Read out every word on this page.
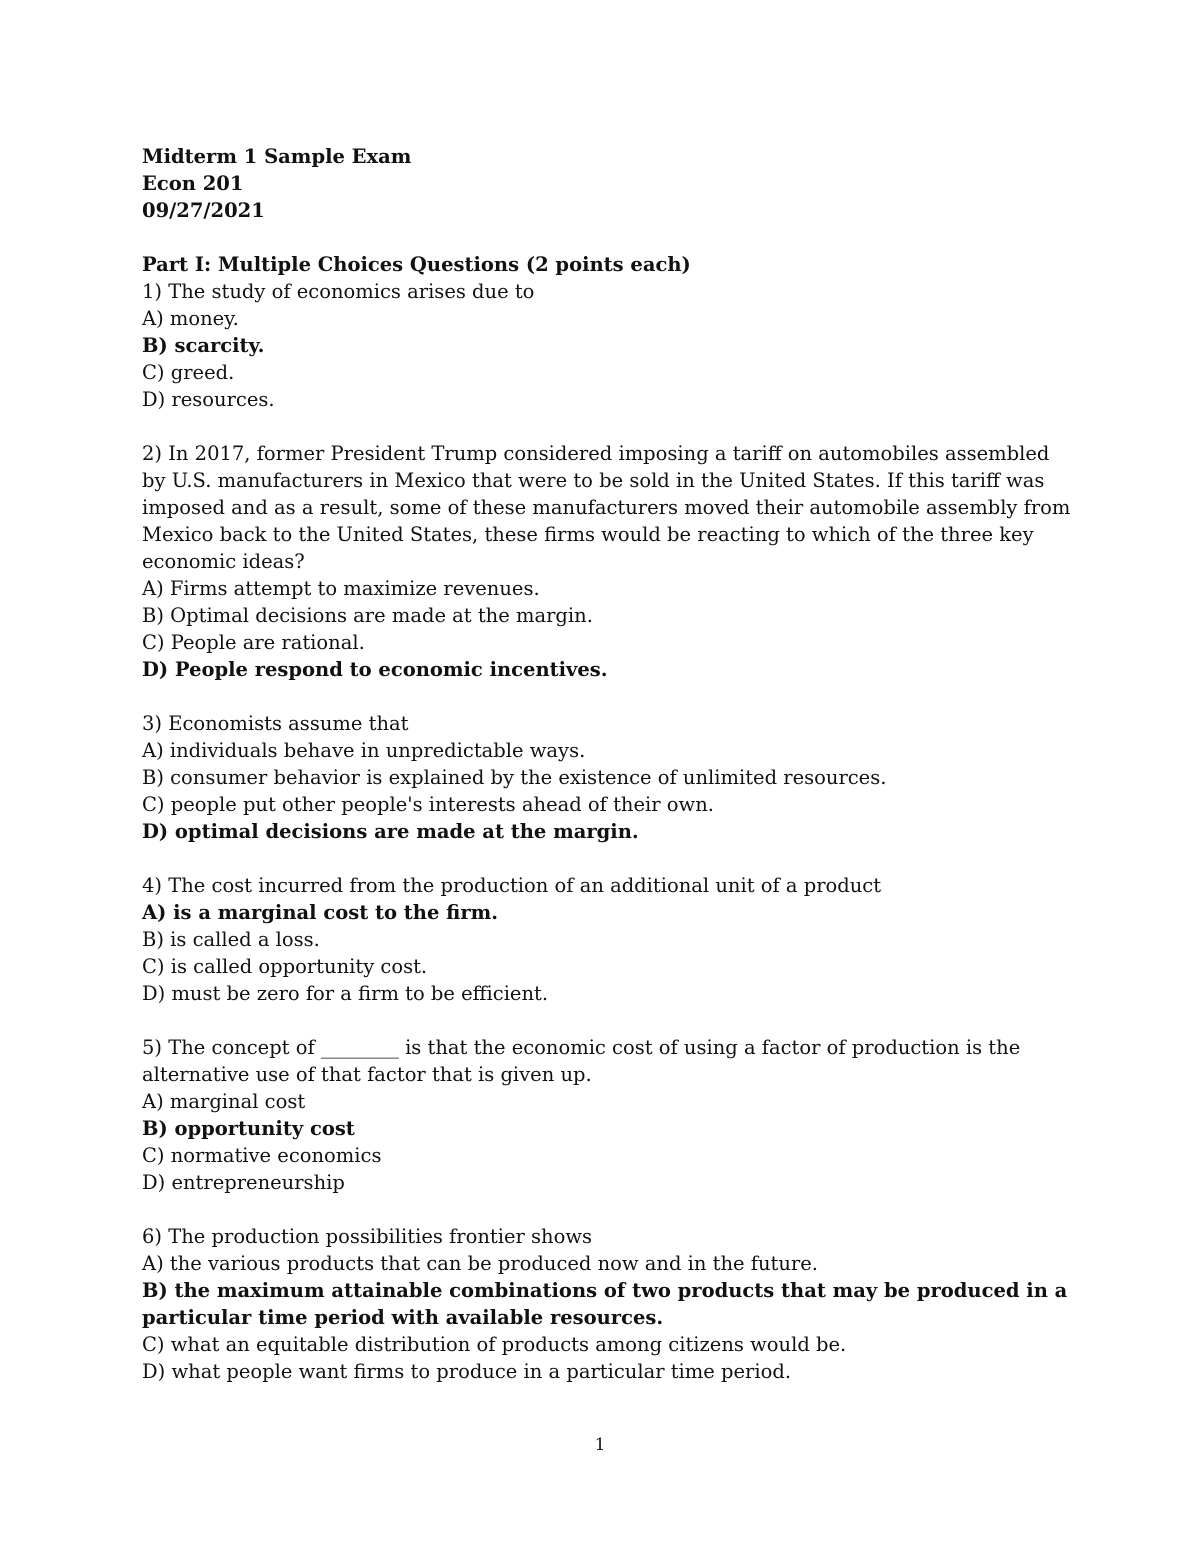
Midterm 1 Sample Exam
Econ 201
09/27/2021
Part I: Multiple Choices Questions (2 points each)
1) The study of economics arises due to
A) money.
B) scarcity.
C) greed.
D) resources.
2) In 2017, former President Trump considered imposing a tariff on automobiles assembled by U.S. manufacturers in Mexico that were to be sold in the United States. If this tariff was imposed and as a result, some of these manufacturers moved their automobile assembly from Mexico back to the United States, these firms would be reacting to which of the three key economic ideas?
A) Firms attempt to maximize revenues.
B) Optimal decisions are made at the margin.
C) People are rational.
D) People respond to economic incentives.
3) Economists assume that
A) individuals behave in unpredictable ways.
B) consumer behavior is explained by the existence of unlimited resources.
C) people put other people's interests ahead of their own.
D) optimal decisions are made at the margin.
4) The cost incurred from the production of an additional unit of a product
A) is a marginal cost to the firm.
B) is called a loss.
C) is called opportunity cost.
D) must be zero for a firm to be efficient.
5) The concept of ________ is that the economic cost of using a factor of production is the alternative use of that factor that is given up.
A) marginal cost
B) opportunity cost
C) normative economics
D) entrepreneurship
6) The production possibilities frontier shows
A) the various products that can be produced now and in the future.
B) the maximum attainable combinations of two products that may be produced in a particular time period with available resources.
C) what an equitable distribution of products among citizens would be.
D) what people want firms to produce in a particular time period.
1
